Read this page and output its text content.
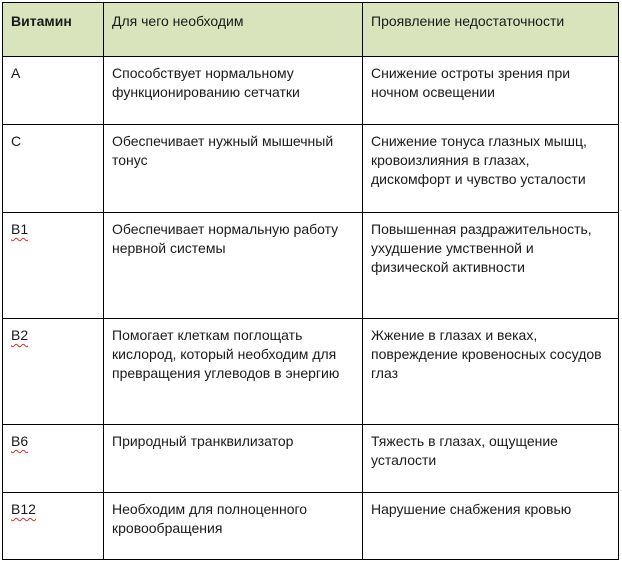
Витамин	Для чего необходим	Проявление недостаточности
А	Способствует нормальному функционированию сетчатки	Снижение остроты зрения при ночном освещении
С	Обеспечивает нужный мышечный тонус	Снижение тонуса глазных мышц, кровоизлияния в глазах, дискомфорт и чувство усталости
В1	Обеспечивает нормальную работу нервной системы	Повышенная раздражительность, ухудшение умственной и физической активности
В2	Помогает клеткам поглощать кислород, который необходим для превращения углеводов в энергию	Жжение в глазах и веках, повреждение кровеносных сосудов глаз
В6	Природный транквилизатор	Тяжесть в глазах, ощущение усталости
В12	Необходим для полноценного кровообращения	Нарушение снабжения кровью
